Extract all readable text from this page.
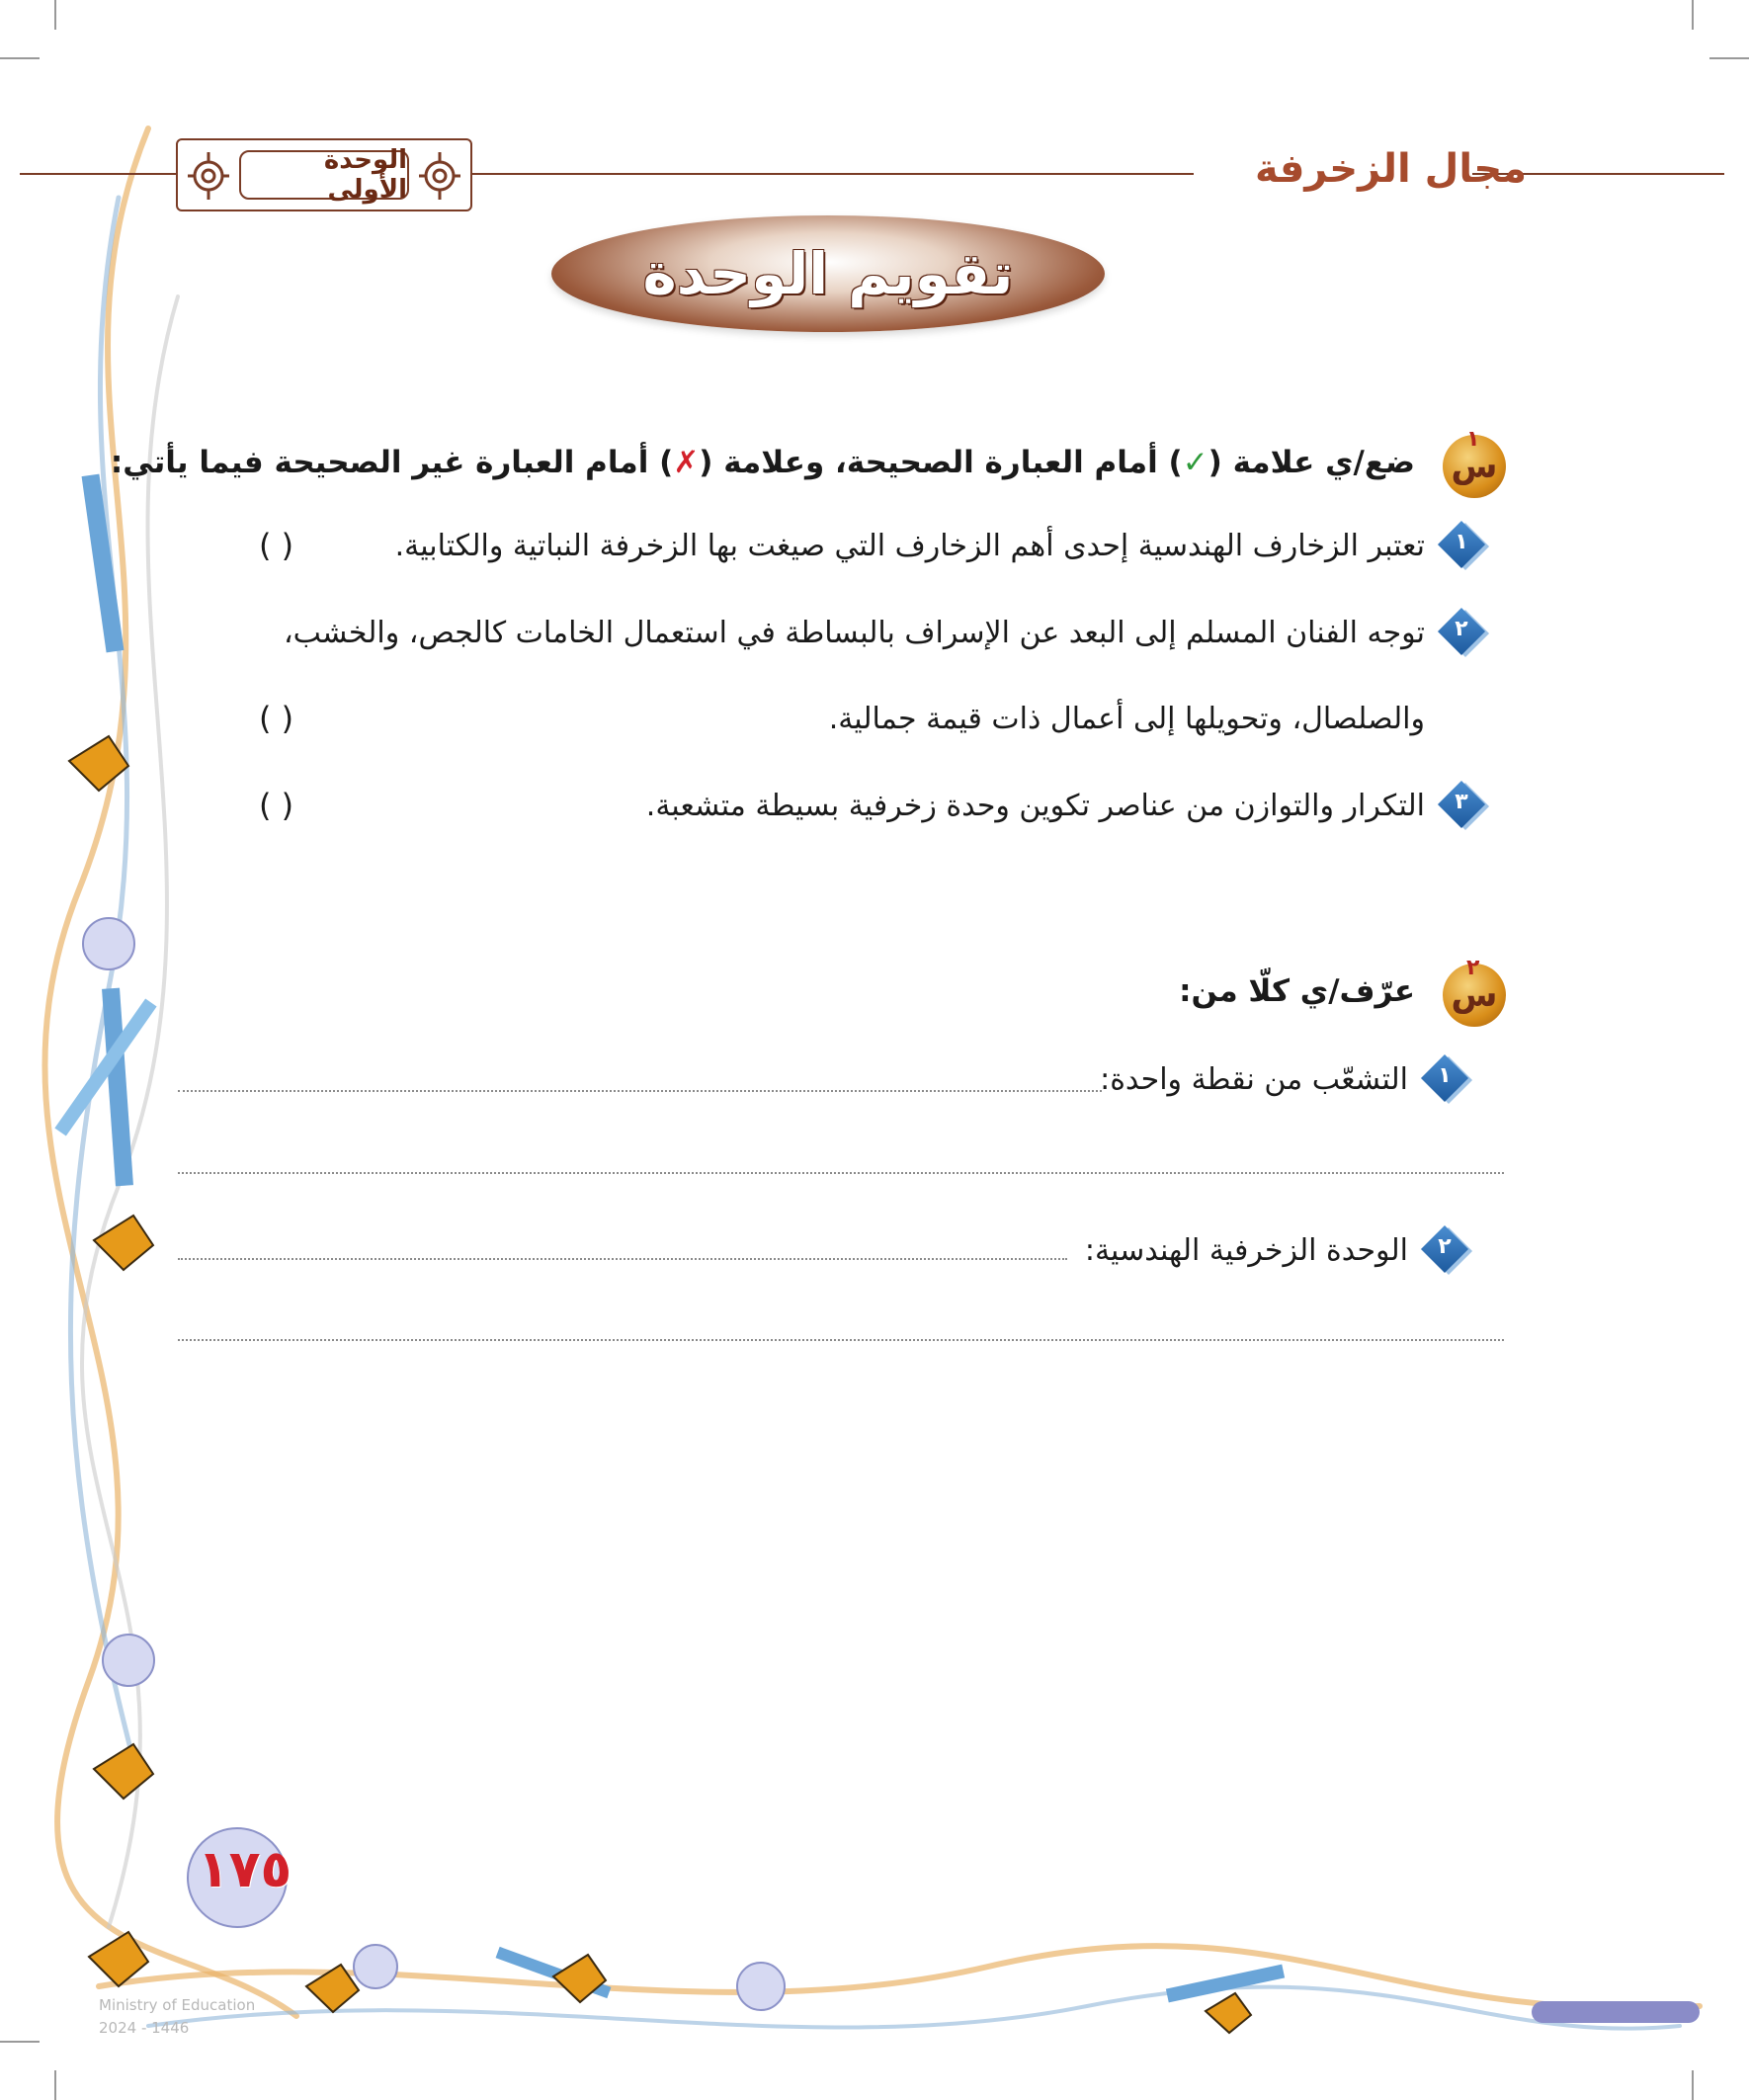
مجال الزخرفة
الوحدة الأولى
تقويم الوحدة
س
١
ضع/ي علامة (✓) أمام العبارة الصحيحة، وعلامة (✗) أمام العبارة غير الصحيحة فيما يأتي:
١
تعتبر الزخارف الهندسية إحدى أهم الزخارف التي صيغت بها الزخرفة النباتية والكتابية.
( )
٢
توجه الفنان المسلم إلى البعد عن الإسراف بالبساطة في استعمال الخامات كالجص، والخشب،
والصلصال، وتحويلها إلى أعمال ذات قيمة جمالية.
( )
٣
التكرار والتوازن من عناصر تكوين وحدة زخرفية بسيطة متشعبة.
( )
س
٢
عرّف/ي كلّا من:
١
التشعّب من نقطة واحدة:
٢
الوحدة الزخرفية الهندسية:
١٧٥
Ministry of Education
2024 - 1446
